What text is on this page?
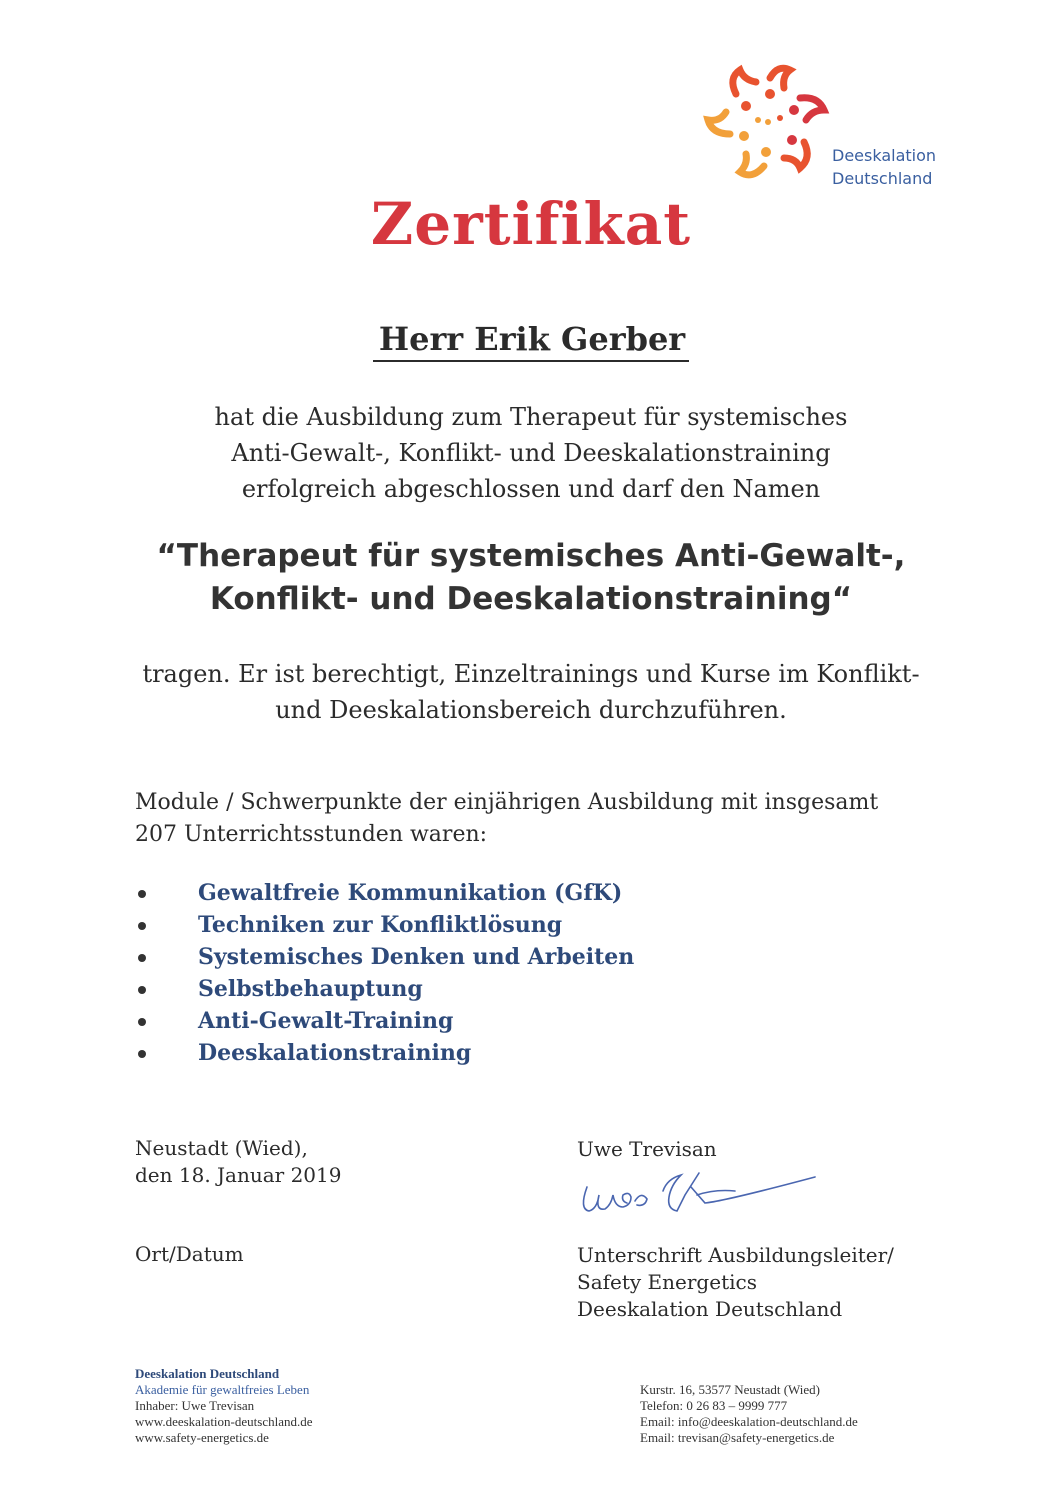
Deeskalation
Deutschland
Zertifikat
Herr Erik Gerber
hat die Ausbildung zum Therapeut für systemisches
Anti-Gewalt-, Konflikt- und Deeskalationstraining
erfolgreich abgeschlossen und darf den Namen
“Therapeut für systemisches Anti-Gewalt-,
Konflikt- und Deeskalationstraining“
tragen. Er ist berechtigt, Einzeltrainings und Kurse im Konflikt-
und Deeskalationsbereich durchzuführen.
Module / Schwerpunkte der einjährigen Ausbildung mit insgesamt
207 Unterrichtsstunden waren:
Gewaltfreie Kommunikation (GfK)
Techniken zur Konfliktlösung
Systemisches Denken und Arbeiten
Selbstbehauptung
Anti-Gewalt-Training
Deeskalationstraining
Neustadt (Wied),
den 18. Januar 2019
Ort/Datum
Uwe Trevisan
Unterschrift Ausbildungsleiter/
Safety Energetics
Deeskalation Deutschland
Deeskalation Deutschland
Akademie für gewaltfreies Leben
Inhaber: Uwe Trevisan
www.deeskalation-deutschland.de
www.safety-energetics.de
Kurstr. 16, 53577 Neustadt (Wied)
Telefon: 0 26 83 – 9999 777
Email: info@deeskalation-deutschland.de
Email: trevisan@safety-energetics.de
